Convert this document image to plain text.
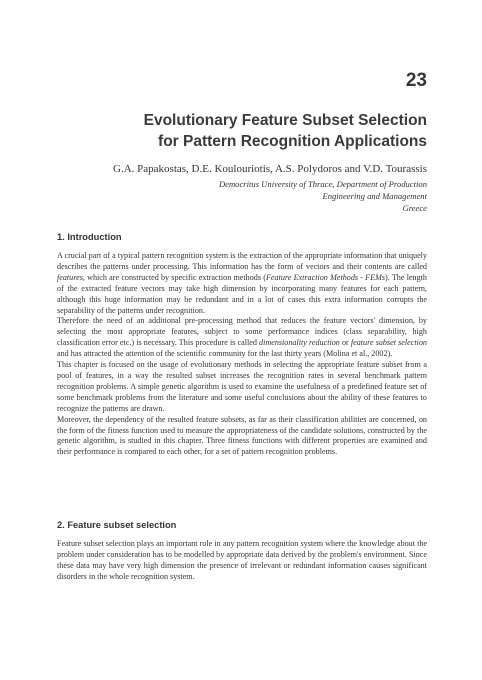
23
Evolutionary Feature Subset Selection
for Pattern Recognition Applications
G.A. Papakostas, D.E. Koulouriotis, A.S. Polydoros and V.D. Tourassis
Democritus University of Thrace, Department of Production
Engineering and Management
Greece
1. Introduction

A crucial part of a typical pattern recognition system is the extraction of the appropriate information that uniquely describes the patterns under processing. This information has the form of vectors and their contents are called features, which are constructed by specific extraction methods (Feature Extraction Methods - FEMs). The length of the extracted feature vectors may take high dimension by incorporating many features for each pattern, although this huge information may be redundant and in a lot of cases this extra information corrupts the separability of the patterns under recognition.

Therefore the need of an additional pre-processing method that reduces the feature vectors' dimension, by selecting the most appropriate features, subject to some performance indices (class separability, high classification error etc.) is necessary. This procedure is called dimensionality reduction or feature subset selection and has attracted the attention of the scientific community for the last thirty years (Molina et al., 2002).

This chapter is focused on the usage of evolutionary methods in selecting the appropriate feature subset from a pool of features, in a way the resulted subset increases the recognition rates in several benchmark pattern recognition problems. A simple genetic algorithm is used to examine the usefulness of a predefined feature set of some benchmark problems from the literature and some useful conclusions about the ability of these features to recognize the patterns are drawn.

Moreover, the dependency of the resulted feature subsets, as far as their classification abilities are concerned, on the form of the fitness function used to measure the appropriateness of the candidate solutions, constructed by the genetic algorithm, is studied in this chapter. Three fitness functions with different properties are examined and their performance is compared to each other, for a set of pattern recognition problems.

2. Feature subset selection

Feature subset selection plays an important role in any pattern recognition system where the knowledge about the problem under consideration has to be modelled by appropriate data derived by the problem's environment. Since these data may have very high dimension the presence of irrelevant or redundant information causes significant disorders in the whole recognition system.
